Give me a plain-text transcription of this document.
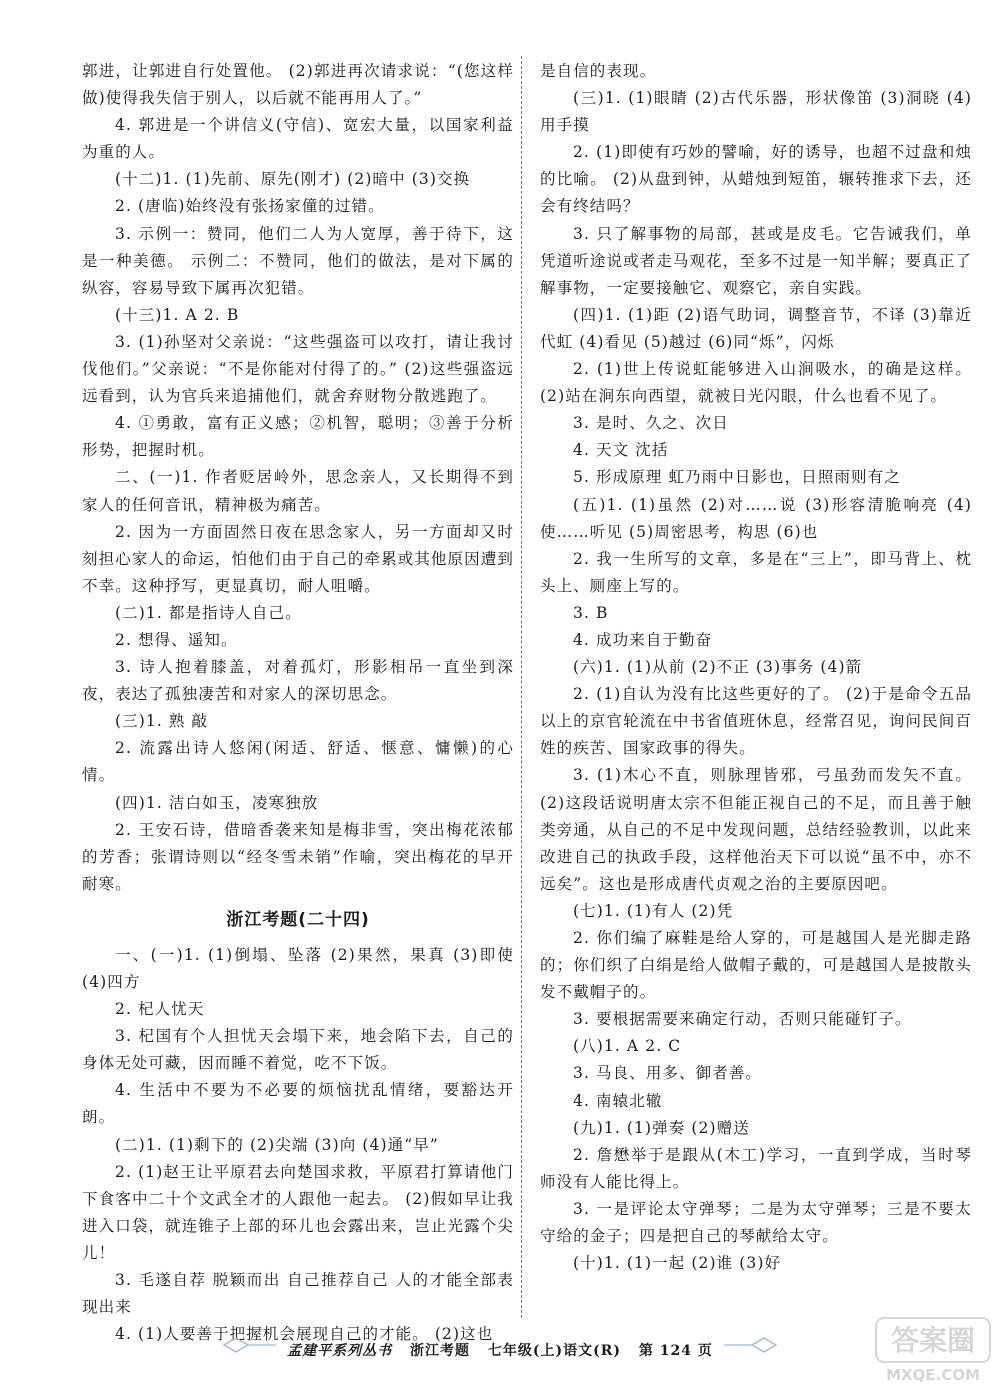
郭进，让郭进自行处置他。 (2)郭进再次请求说：“(您这样做)使得我失信于别人，以后就不能再用人了。”

4. 郭进是一个讲信义(守信)、宽宏大量，以国家利益为重的人。

(十二)1. (1)先前、原先(刚才) (2)暗中 (3)交换

2. (唐临)始终没有张扬家僮的过错。

3. 示例一：赞同，他们二人为人宽厚，善于待下，这是一种美德。 示例二：不赞同，他们的做法，是对下属的纵容，容易导致下属再次犯错。

(十三)1. A 2. B

3. (1)孙坚对父亲说：“这些强盗可以攻打，请让我讨伐他们。”父亲说：“不是你能对付得了的。” (2)这些强盗远远看到，认为官兵来追捕他们，就舍弃财物分散逃跑了。

4. ①勇敢，富有正义感；②机智，聪明；③善于分析形势，把握时机。

二、(一)1. 作者贬居岭外，思念亲人，又长期得不到家人的任何音讯，精神极为痛苦。

2. 因为一方面固然日夜在思念家人，另一方面却又时刻担心家人的命运，怕他们由于自己的牵累或其他原因遭到不幸。这种抒写，更显真切，耐人咀嚼。

(二)1. 都是指诗人自己。

2. 想得、遥知。

3. 诗人抱着膝盖，对着孤灯，形影相吊一直坐到深夜，表达了孤独凄苦和对家人的深切思念。

(三)1. 熟 敲

2. 流露出诗人悠闲(闲适、舒适、惬意、慵懒)的心情。

(四)1. 洁白如玉，凌寒独放

2. 王安石诗，借暗香袭来知是梅非雪，突出梅花浓郁的芳香；张谓诗则以“经冬雪未销”作喻，突出梅花的早开耐寒。

浙江考题(二十四)

一、(一)1. (1)倒塌、坠落 (2)果然，果真 (3)即使 (4)四方

2. 杞人忧天

3. 杞国有个人担忧天会塌下来，地会陷下去，自己的身体无处可藏，因而睡不着觉，吃不下饭。

4. 生活中不要为不必要的烦恼扰乱情绪，要豁达开朗。

(二)1. (1)剩下的 (2)尖端 (3)向 (4)通“早”

2. (1)赵王让平原君去向楚国求救，平原君打算请他门下食客中二十个文武全才的人跟他一起去。 (2)假如早让我进入口袋，就连锥子上部的环儿也会露出来，岂止光露个尖儿！

3. 毛遂自荐 脱颖而出 自己推荐自己 人的才能全部表现出来

4. (1)人要善于把握机会展现自己的才能。 (2)这也

是自信的表现。

(三)1. (1)眼睛 (2)古代乐器，形状像笛 (3)洞晓 (4)用手摸

2. (1)即使有巧妙的譬喻，好的诱导，也超不过盘和烛的比喻。 (2)从盘到钟，从蜡烛到短笛，辗转推求下去，还会有终结吗？

3. 只了解事物的局部，甚或是皮毛。它告诫我们，单凭道听途说或者走马观花，至多不过是一知半解；要真正了解事物，一定要接触它、观察它，亲自实践。

(四)1. (1)距 (2)语气助词，调整音节，不译 (3)靠近 代虹 (4)看见 (5)越过 (6)同“烁”，闪烁

2. (1)世上传说虹能够进入山涧吸水，的确是这样。 (2)站在涧东向西望，就被日光闪眼，什么也看不见了。

3. 是时、久之、次日

4. 天文 沈括

5. 形成原理 虹乃雨中日影也，日照雨则有之

(五)1. (1)虽然 (2)对……说 (3)形容清脆响亮 (4)使……听见 (5)周密思考，构思 (6)也

2. 我一生所写的文章，多是在“三上”，即马背上、枕头上、厕座上写的。

3. B

4. 成功来自于勤奋

(六)1. (1)从前 (2)不正 (3)事务 (4)箭

2. (1)自认为没有比这些更好的了。 (2)于是命令五品以上的京官轮流在中书省值班休息，经常召见，询问民间百姓的疾苦、国家政事的得失。

3. (1)木心不直，则脉理皆邪，弓虽劲而发矢不直。 (2)这段话说明唐太宗不但能正视自己的不足，而且善于触类旁通，从自己的不足中发现问题，总结经验教训，以此来改进自己的执政手段，这样他治天下可以说“虽不中，亦不远矣”。这也是形成唐代贞观之治的主要原因吧。

(七)1. (1)有人 (2)凭

2. 你们编了麻鞋是给人穿的，可是越国人是光脚走路的；你们织了白绢是给人做帽子戴的，可是越国人是披散头发不戴帽子的。

3. 要根据需要来确定行动，否则只能碰钉子。

(八)1. A 2. C

3. 马良、用多、御者善。

4. 南辕北辙

(九)1. (1)弹奏 (2)赠送

2. 詹懋举于是跟从(木工)学习，一直到学成，当时琴师没有人能比得上。

3. 一是评论太守弹琴；二是为太守弹琴；三是不要太守给的金子；四是把自己的琴献给太守。

(十)1. (1)一起 (2)谁 (3)好

孟建平系列丛书 浙江考题 七年级(上)语文(R) 第 124 页	答案圈
MXQE.COM
